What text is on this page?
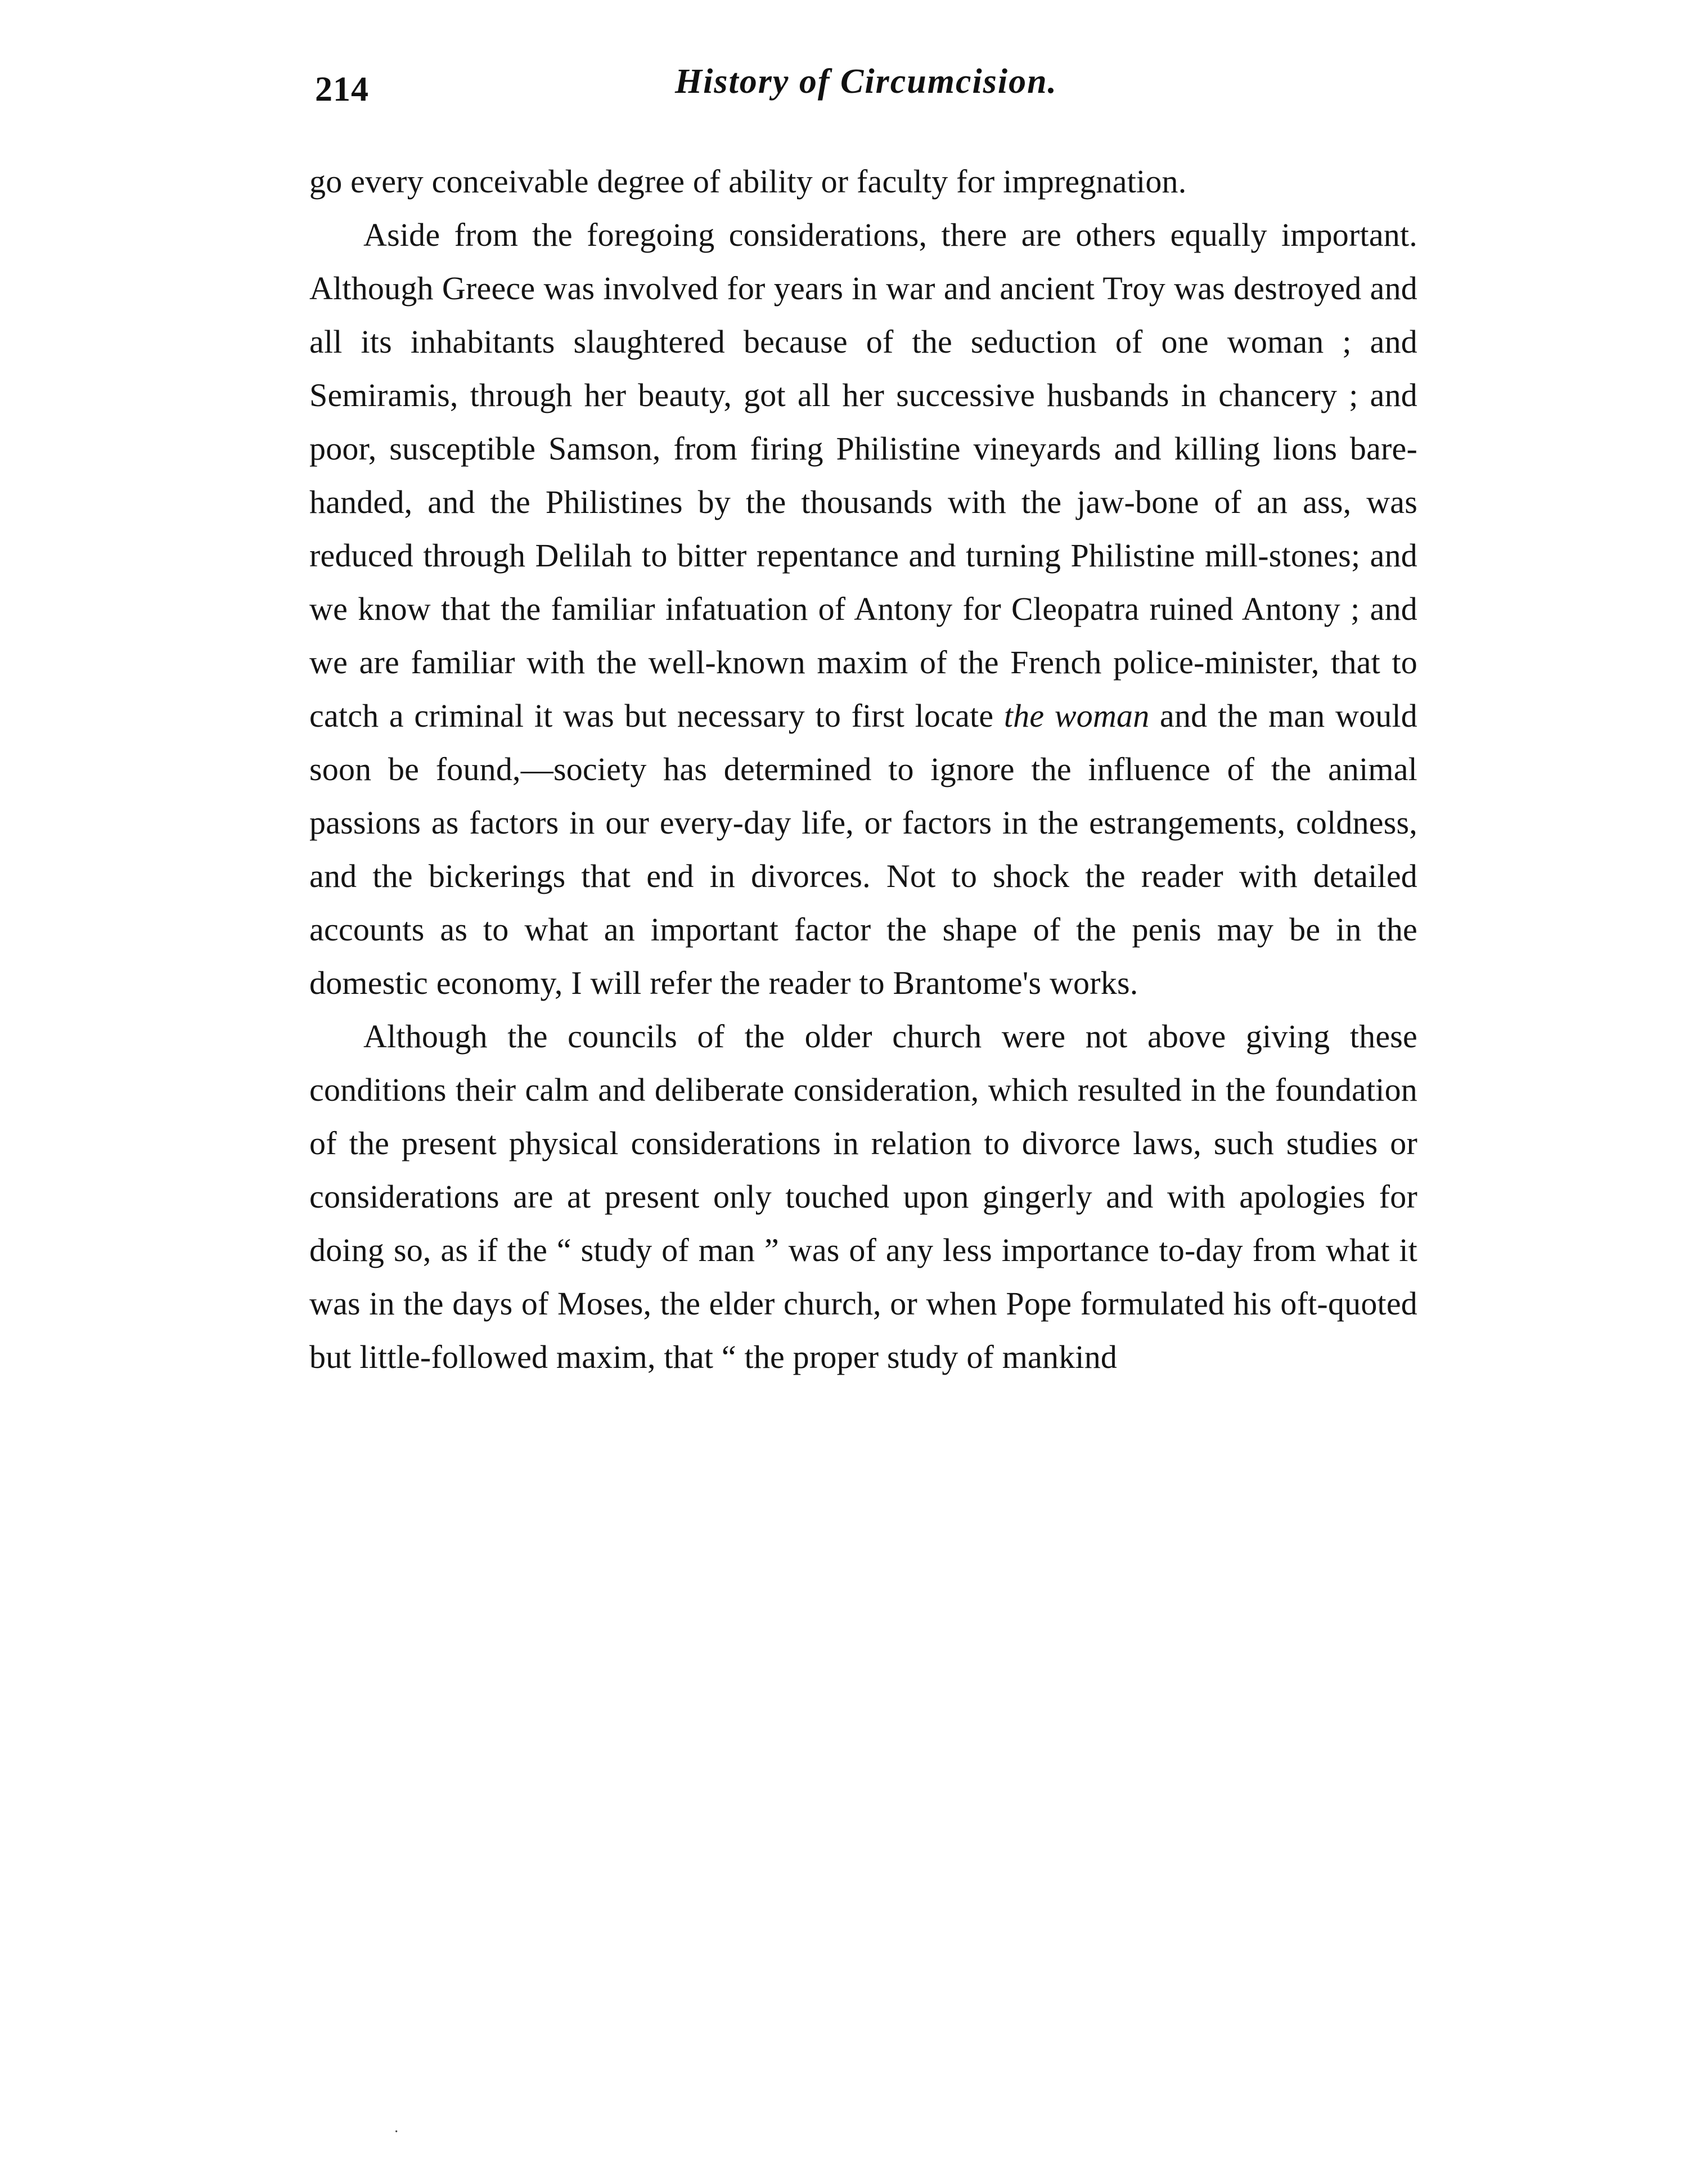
214	History of Circumcision.

go every conceivable degree of ability or faculty for impregnation.

Aside from the foregoing considerations, there are others equally important. Although Greece was involved for years in war and ancient Troy was destroyed and all its inhabitants slaughtered because of the seduction of one woman ; and Semiramis, through her beauty, got all her successive husbands in chancery ; and poor, susceptible Samson, from firing Philistine vineyards and killing lions bare-handed, and the Philistines by the thousands with the jaw-bone of an ass, was reduced through Delilah to bitter repentance and turning Philistine mill-stones; and we know that the familiar infatuation of Antony for Cleopatra ruined Antony ; and we are familiar with the well-known maxim of the French police-minister, that to catch a criminal it was but necessary to first locate the woman and the man would soon be found,—society has determined to ignore the influence of the animal passions as factors in our every-day life, or factors in the estrangements, coldness, and the bickerings that end in divorces. Not to shock the reader with detailed accounts as to what an important factor the shape of the penis may be in the domestic economy, I will refer the reader to Brantome's works.

Although the councils of the older church were not above giving these conditions their calm and deliberate consideration, which resulted in the foundation of the present physical considerations in relation to divorce laws, such studies or considerations are at present only touched upon gingerly and with apologies for doing so, as if the “ study of man ” was of any less importance to-day from what it was in the days of Moses, the elder church, or when Pope formulated his oft-quoted but little-followed maxim, that “ the proper study of mankind

·
